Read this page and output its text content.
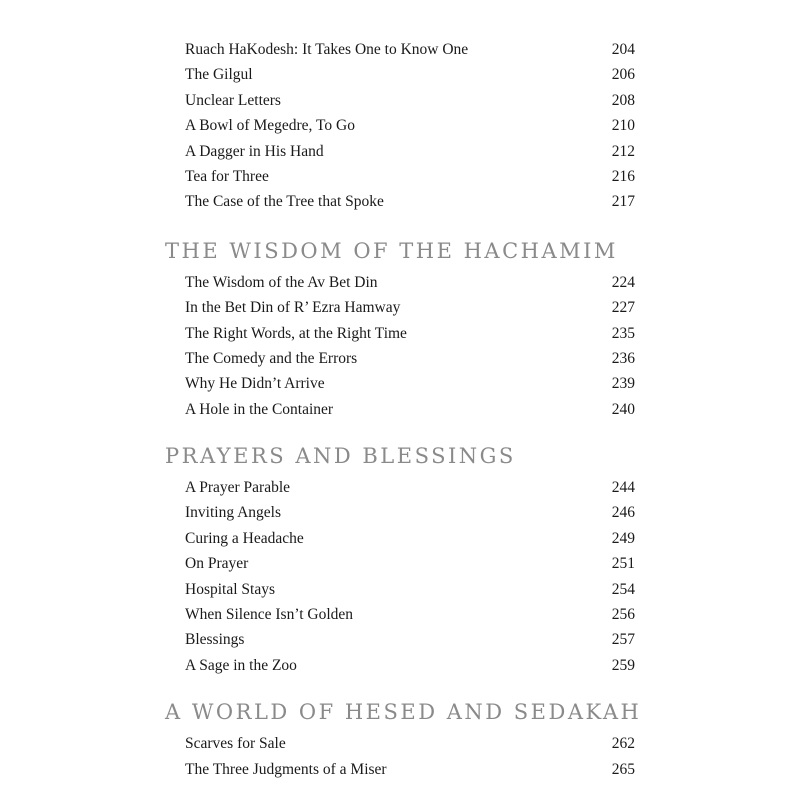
Ruach HaKodesh: It Takes One to Know One	204
The Gilgul	206
Unclear Letters	208
A Bowl of Megedre, To Go	210
A Dagger in His Hand	212
Tea for Three	216
The Case of the Tree that Spoke	217
THE WISDOM OF THE HACHAMIM
The Wisdom of the Av Bet Din	224
In the Bet Din of R’ Ezra Hamway	227
The Right Words, at the Right Time	235
The Comedy and the Errors	236
Why He Didn’t Arrive	239
A Hole in the Container	240
PRAYERS AND BLESSINGS
A Prayer Parable	244
Inviting Angels	246
Curing a Headache	249
On Prayer	251
Hospital Stays	254
When Silence Isn’t Golden	256
Blessings	257
A Sage in the Zoo	259
A WORLD OF HESED AND SEDAKAH
Scarves for Sale	262
The Three Judgments of a Miser	265
